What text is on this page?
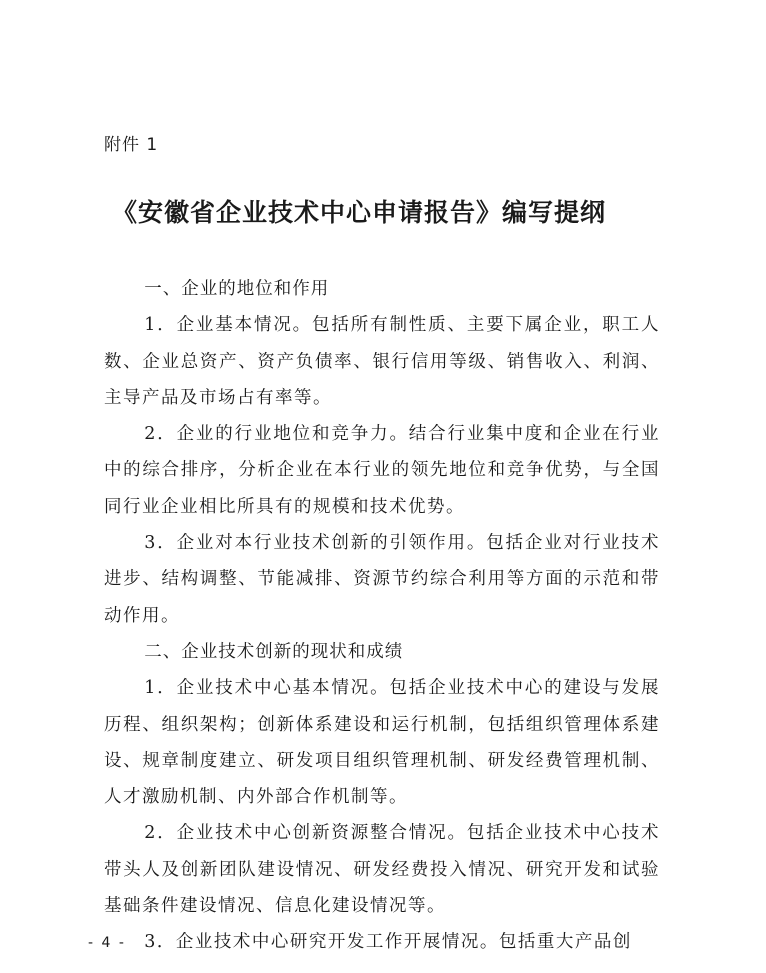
附件 1
《安徽省企业技术中心申请报告》编写提纲

一、企业的地位和作用

1．企业基本情况。包括所有制性质、主要下属企业，职工人数、企业总资产、资产负债率、银行信用等级、销售收入、利润、主导产品及市场占有率等。

2．企业的行业地位和竞争力。结合行业集中度和企业在行业中的综合排序，分析企业在本行业的领先地位和竞争优势，与全国同行业企业相比所具有的规模和技术优势。

3．企业对本行业技术创新的引领作用。包括企业对行业技术进步、结构调整、节能减排、资源节约综合利用等方面的示范和带动作用。

二、企业技术创新的现状和成绩

1．企业技术中心基本情况。包括企业技术中心的建设与发展历程、组织架构；创新体系建设和运行机制，包括组织管理体系建设、规章制度建立、研发项目组织管理机制、研发经费管理机制、人才激励机制、内外部合作机制等。

2．企业技术中心创新资源整合情况。包括企业技术中心技术带头人及创新团队建设情况、研发经费投入情况、研究开发和试验基础条件建设情况、信息化建设情况等。

3．企业技术中心研究开发工作开展情况。包括重大产品创

- 4 -
